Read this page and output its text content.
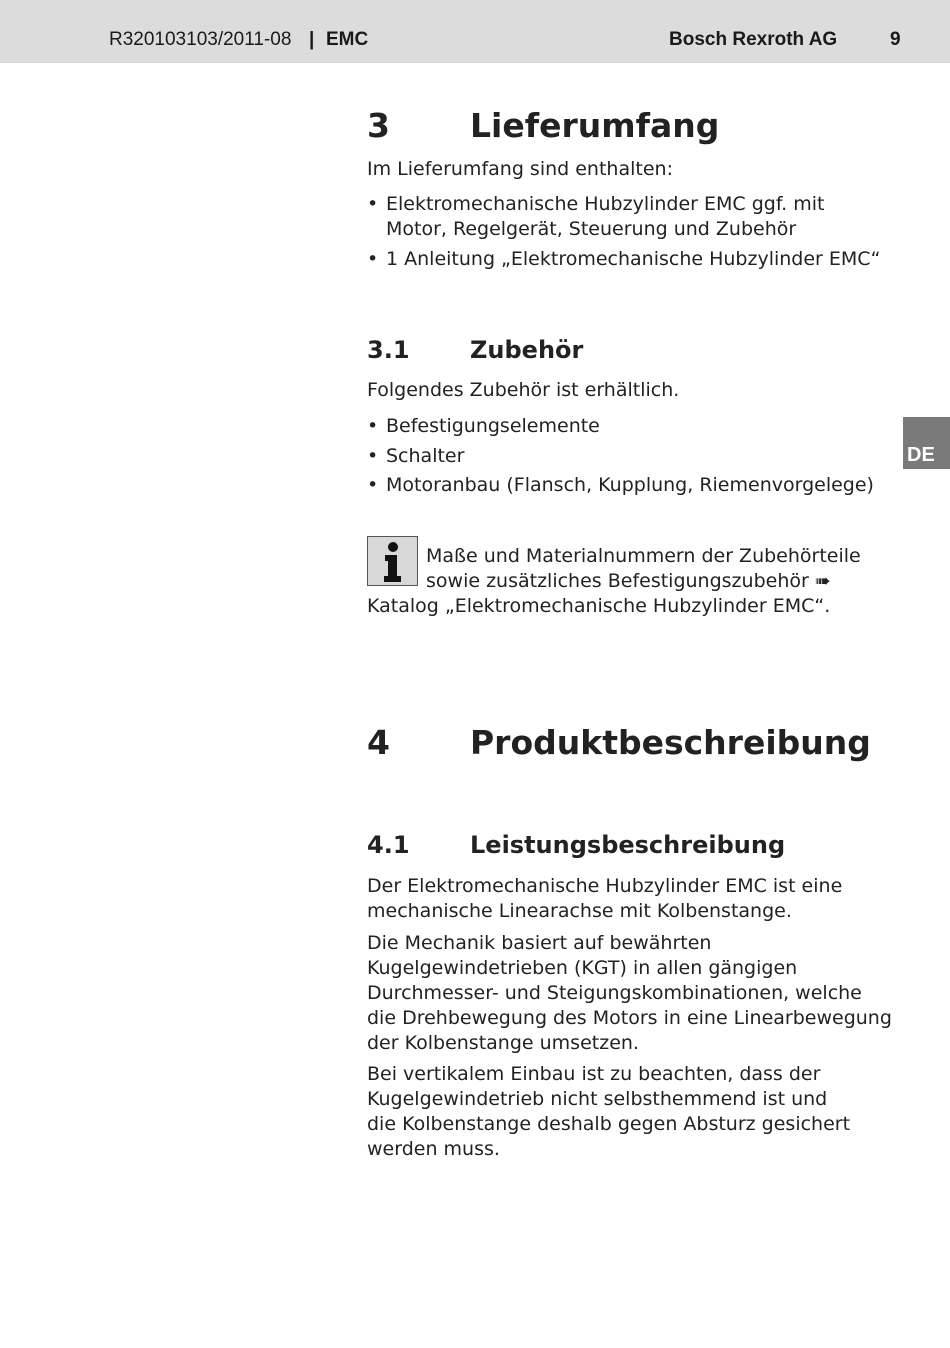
R320103103/2011-08 | EMC	Bosch Rexroth AG	9
DE
3 Lieferumfang
Im Lieferumfang sind enthalten:
• Elektromechanische Hubzylinder EMC ggf. mit
Motor, Regelgerät, Steuerung und Zubehör
• 1 Anleitung „Elektromechanische Hubzylinder EMC“
3.1	Zubehör
Folgendes Zubehör ist erhältlich.
• Befestigungselemente
• Schalter
• Motoranbau (Flansch, Kupplung, Riemenvorgelege)
Maße und Materialnummern der Zubehörteile
sowie zusätzliches Befestigungszubehör ➠
Katalog „Elektromechanische Hubzylinder EMC“.
4 Produktbeschreibung
4.1	Leistungsbeschreibung
Der Elektromechanische Hubzylinder EMC ist eine
mechanische Linearachse mit Kolbenstange.
Die Mechanik basiert auf bewährten
Kugelgewindetrieben (KGT) in allen gängigen
Durchmesser- und Steigungskombinationen, welche
die Drehbewegung des Motors in eine Linearbewegung
der Kolbenstange umsetzen.
Bei vertikalem Einbau ist zu beachten, dass der
Kugelgewindetrieb nicht selbsthemmend ist und
die Kolbenstange deshalb gegen Absturz gesichert
werden muss.
